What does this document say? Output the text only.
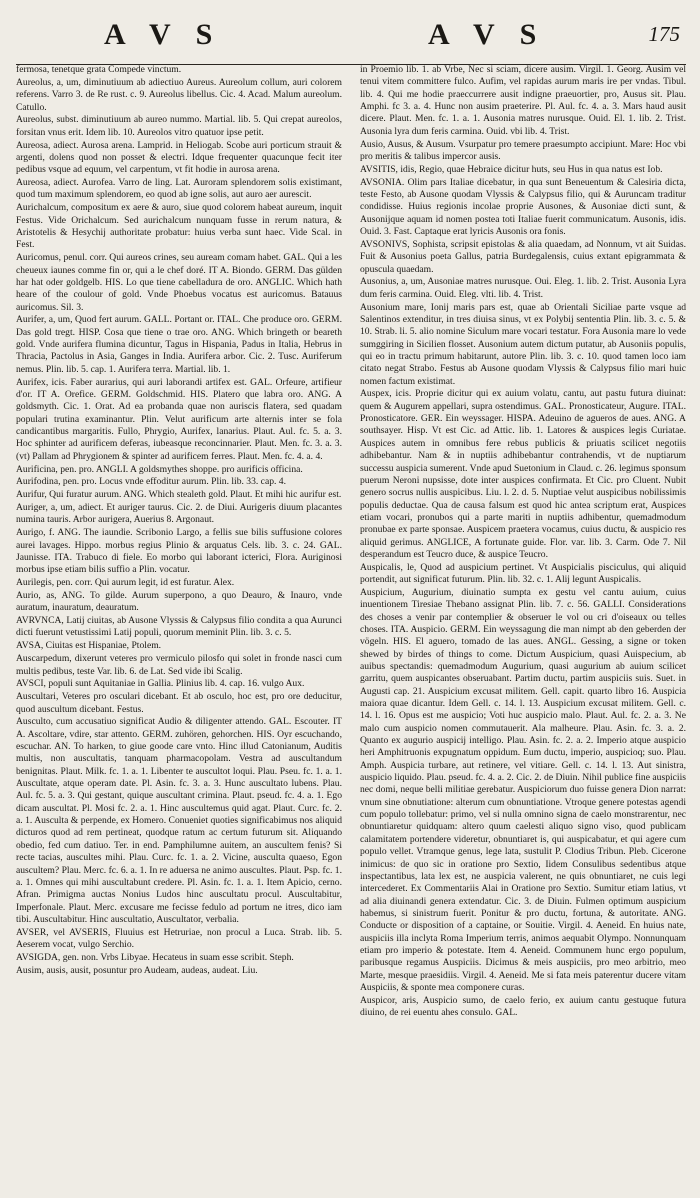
A V S	A V S	175

fermosa, tenetque grata Compede vinctum.

Aureolus, a, um, diminutiuum ab adiectiuo Aureus. Aureolum collum, auri colorem referens. Varro 3. de Re rust. c. 9. Aureolus libellus. Cic. 4. Acad. Malum aureolum. Catullo.

Aureolus, subst. diminutiuum ab aureo nummo. Martial. lib. 5. Qui crepat aureolos, forsitan vnus erit. Idem lib. 10. Aureolos vitro quatuor ipse petit.

Aureosa, adiect. Aurosa arena. Lamprid. in Heliogab. Scobe auri porticum strauit & argenti, dolens quod non posset & electri. Idque frequenter quacunque fecit iter pedibus vsque ad equum, vel carpentum, vt fit hodie in aurosa arena.

Aureosa, adiect. Aurofea. Varro de ling. Lat. Auroram splendorem solis existimant, quod tum maximum splendorem, eo quod ab igne solis, aut auro aer aurescit.

Aurichalcum, compositum ex aere & auro, siue quod colorem habeat aureum, inquit Festus. Vide Orichalcum. Sed aurichalcum nunquam fusse in rerum natura, & Aristotelis & Hesychij authoritate probatur: huius verba sunt haec. Vide Scal. in Fest.

Auricomus, penul. corr. Qui aureos crines, seu auream comam habet. GAL. Qui a les cheueux iaunes comme fin or, qui a le chef doré. IT A. Biondo. GERM. Das gülden har hat oder goldgelb. HIS. Lo que tiene cabelladura de oro. ANGLIC. Which hath heare of the coulour of gold. Vnde Phoebus vocatus est auricomus. Batauus auricomus. Sil. 3.

Aurifer, a, um, Quod fert aurum. GALL. Portant or. ITAL. Che produce oro. GERM. Das gold tregt. HISP. Cosa que tiene o trae oro. ANG. Which bringeth or beareth gold. Vnde aurifera flumina dicuntur, Tagus in Hispania, Padus in Italia, Hebrus in Thracia, Pactolus in Asia, Ganges in India. Aurifera arbor. Cic. 2. Tusc. Auriferum nemus. Plin. lib. 5. cap. 1. Aurifera terra. Martial. lib. 1.

Aurifex, icis. Faber aurarius, qui auri laborandi artifex est. GAL. Orfeure, artifieur d'or. IT A. Orefice. GERM. Goldschmid. HIS. Platero que labra oro. ANG. A goldsmyth. Cic. 1. Orat. Ad ea probanda quae non auriscis flatera, sed quadam populari trutina examinantur. Plin. Velut aurificum arte alternis inter se fola candicantibus margaritis. Fullo, Phrygio, Aurifex, lanarius. Plaut. Aul. fc. 5. a. 3. Hoc sphinter ad aurificem deferas, iubeasque reconcinnarier. Plaut. Men. fc. 3. a. 3. (vt) Pallam ad Phrygionem & spinter ad aurificem ferres. Plaut. Men. fc. 4. a. 4.

Aurificina, pen. pro. ANGLI. A goldsmythes shoppe. pro aurificis officina.

Aurifodina, pen. pro. Locus vnde effoditur aurum. Plin. lib. 33. cap. 4.

Aurifur, Qui furatur aurum. ANG. Which stealeth gold. Plaut. Et mihi hic aurifur est.

Auriger, a, um, adiect. Et auriger taurus. Cic. 2. de Diui. Aurigeris diuum placantes numina tauris. Arbor aurigera, Auerius 8. Argonaut.

Aurigo, f. ANG. The iaundie. Scribonio Largo, a fellis sue bilis suffusione colores aurei lavages. Hippo. morbus regius Plinio & arquatus Cels. lib. 3. c. 24. GAL. Jaunisse. ITA. Trabuco di fiele. Eo morbo qui laborant icterici, Flora. Auriginosi morbus ipse etiam bilis suffio a Plin. vocatur.

Aurilegis, pen. corr. Qui aurum legit, id est furatur. Alex.

Aurio, as, ANG. To gilde. Aurum superpono, a quo Deauro, & Inauro, vnde auratum, inauratum, deauratum.

AVRVNCA, Latij ciuitas, ab Ausone Vlyssis & Calypsus filio condita a qua Aurunci dicti fuerunt vetustissimi Latij populi, quorum meminit Plin. lib. 3. c. 5.

AVSA, Ciuitas est Hispaniae, Ptolem.

Auscarpedum, dixerunt veteres pro vermiculo pilosfo qui solet in fronde nasci cum multis pedibus, teste Var. lib. 6. de Lat. Sed vide ibi Scalig.

AVSCI, populi sunt Aquitaniae in Gallia. Plinius lib. 4. cap. 16. vulgo Aux.

Auscultari, Veteres pro osculari dicebant. Et ab osculo, hoc est, pro ore deducitur, quod auscultum dicebant. Festus.

Ausculto, cum accusatiuo significat Audio & diligenter attendo. GAL. Escouter. IT A. Ascoltare, vdire, star attento. GERM. zuhören, gehorchen. HIS. Oyr escuchando, escuchar. AN. To harken, to giue goode care vnto. Hinc illud Catonianum, Auditis multis, non auscultatis, tanquam pharmacopolam. Vestra ad auscultandum benignitas. Plaut. Milk. fc. 1. a. 1. Libenter te auscultot loqui. Plau. Pseu. fc. 1. a. 1. Auscultate, atque operam date. Pl. Asin. fc. 3. a. 3. Hunc auscultato lubens. Plau. Aul. fc. 5. a. 3. Qui gestant, quique auscultant crimina. Plaut. pseud. fc. 4. a. 1. Ego dicam auscultat. Pl. Mosi fc. 2. a. 1. Hinc auscultemus quid agat. Plaut. Curc. fc. 2. a. 1. Ausculta & perpende, ex Homero. Conueniet quoties significabimus nos aliquid dicturos quod ad rem pertineat, quodque ratum ac certum futurum sit. Aliquando obedio, fed cum datiuo. Ter. in end. Pamphilumne auitem, an auscultem fenis? Si recte tacias, auscultes mihi. Plau. Curc. fc. 1. a. 2. Vicine, ausculta quaeso, Egon auscultem? Plau. Merc. fc. 6. a. 1. In re aduersa ne animo auscultes. Plaut. Psp. fc. 1. a. 1. Omnes qui mihi auscultabunt credere. Pl. Asin. fc. 1. a. 1. Item Apicio, cerno. Afran. Primigma auctas Nonius Ludos hinc auscultatu procul. Auscultabitur, Imperfonale. Plaut. Merc. excusare me fecisse fedulo ad portum ne itres, dico iam tibi. Auscultabitur. Hinc auscultatio, Auscultator, verbalia.

AVSER, vel AVSERIS, Fluuius est Hetruriae, non procul a Luca. Strab. lib. 5. Aeserem vocat, vulgo Serchio.

AVSIGDA, gen. non. Vrbs Libyae. Hecateus in suam esse scribit. Steph.

Ausim, ausis, ausit, posuntur pro Audeam, audeas, audeat. Liu.

in Proemio lib. 1. ab Vrbe, Nec si sciam, dicere ausim. Virgil. 1. Georg. Ausim vel tenui vitem committere fulco. Aufim, vel rapidas aurum maris ire per vndas. Tibul. lib. 4. Qui me hodie praeccurrere ausit indigne praeuortier, pro, Ausus sit. Plau. Amphi. fc 3. a. 4. Hunc non ausim praeterire. Pl. Aul. fc. 4. a. 3. Mars haud ausit dicere. Plaut. Men. fc. 1. a. 1. Ausonia matres nurusque. Ouid. El. 1. lib. 2. Trist. Ausonia lyra dum feris carmina. Ouid. vbi lib. 4. Trist.

Ausio, Ausus, & Ausum. Vsurpatur pro temere praesumpto accipiunt. Mare: Hoc vbi pro meritis & talibus impercor ausis.

AVSITIS, idis, Regio, quae Hebraice dicitur huts, seu Hus in qua natus est Iob.

AVSONIA. Olim pars Italiae dicebatur, in qua sunt Beneuentum & Calesiria dicta, teste Festo, ab Ausone quodam Vlyssis & Calypsus filio, qui & Auruncam traditur condidisse. Huius regionis incolae proprie Ausones, & Ausoniae dicti sunt, & Ausonijque aquam id nomen postea toti Italiae fuerit communicatum. Ausonis, idis. Ouid. 3. Fast. Captaque erat lyricis Ausonis ora fonis.

AVSONIVS, Sophista, scripsit epistolas & alia quaedam, ad Nonnum, vt ait Suidas. Fuit & Ausonius poeta Gallus, patria Burdegalensis, cuius extant epigrammata & opuscula quaedam.

Ausonius, a, um, Ausoniae matres nurusque. Oui. Eleg. 1. lib. 2. Trist. Ausonia Lyra dum feris carmina. Ouid. Eleg. vlti. lib. 4. Trist.

Ausonium mare, Ionij maris pars est, quae ab Orientali Siciliae parte vsque ad Salentinos extenditur, in tres diuisa sinus, vt ex Polybij sententia Plin. lib. 3. c. 5. & 10. Strab. li. 5. alio nomine Siculum mare vocari testatur. Fora Ausonia mare lo vede sumggiring in Sicilien flosset. Ausonium autem dictum putatur, ab Ausoniis populis, qui eo in tractu primum habitarunt, autore Plin. lib. 3. c. 10. quod tamen loco iam citato negat Strabo. Festus ab Ausone quodam Vlyssis & Calypsus filio mari huic nomen factum existimat.

Auspex, icis. Proprie dicitur qui ex auium volatu, cantu, aut pastu futura diuinat: quem & Augurem appellari, supra ostendimus. GAL. Pronosticateur, Augure. ITAL. Pronosticatore. GER. Ein weyssager. HISPA. Adeuino de agueros de aues. ANG. A southsayer. Hisp. Vt est Cic. ad Attic. lib. 1. Latores & auspices legis Curiatae. Auspices autem in omnibus fere rebus publicis & priuatis scilicet negotiis adhibebantur. Nam & in nuptiis adhibebantur contrahendis, vt de nuptiarum successu auspicia sumerent. Vnde apud Suetonium in Claud. c. 26. legimus sponsum puerum Neroni nupsisse, dote inter auspices confirmata. Et Cic. pro Cluent. Nubit genero socrus nullis auspicibus. Liu. l. 2. d. 5. Nuptiae velut auspicibus nobilissimis populis deductae. Qua de causa falsum est quod hic antea scriptum erat, Auspices etiam vocari, pronubos qui a parte mariti in nuptiis adhibentur, quemadmodum pronubae ex parte sponsae. Auspicem praetera vocamus, cuius ductu, & auspicio res aliquid gerimus. ANGLICE, A fortunate guide. Flor. var. lib. 3. Carm. Ode 7. Nil desperandum est Teucro duce, & auspice Teucro.

Auspicalis, le, Quod ad auspicium pertinet. Vt Auspicialis pisciculus, qui aliquid portendit, aut significat futurum. Plin. lib. 32. c. 1. Alij legunt Auspicalis.

Auspicium, Augurium, diuinatio sumpta ex gestu vel cantu auium, cuius inuentionem Tiresiae Thebano assignat Plin. lib. 7. c. 56. GALLI. Considerations des choses a venir par contemplier & obseruer le vol ou cri d'oiseaux ou telles choses. ITA. Auspicio. GERM. Ein weyssagung die man nimpt ab den geberden der vögeln. HIS. El aguero, tomado de las aues. ANGL. Gessing, a signe or token shewed by birdes of things to come. Dictum Auspicium, quasi Auispecium, ab auibus spectandis: quemadmodum Augurium, quasi augurium ab auium scilicet garritu, quem auspicantes obseruabant. Partim ductu, partim auspiciis suis. Suet. in Augusti cap. 21. Auspicium excusat militem. Gell. capit. quarto libro 16. Auspicia maiora quae dicantur. Idem Gell. c. 14. l. 13. Auspicium excusat militem. Gell. c. 14. l. 16. Opus est me auspicio; Voti huc auspicio malo. Plaut. Aul. fc. 2. a. 3. Ne malo cum auspicio nomen commutauerit. Ala malheure. Plau. Asin. fc. 3. a. 2. Quanto ex augurio auspicij intelligo. Plau. Asin. fc. 2. a. 2. Imperio atque auspicio heri Amphitruonis expugnatum oppidum. Eum ductu, imperio, auspicioq; suo. Plau. Amph. Auspicia turbare, aut retinere, vel vitiare. Gell. c. 14. l. 13. Aut sinistra, auspicio liquido. Plau. pseud. fc. 4. a. 2. Cic. 2. de Diuin. Nihil publice fine auspiciis nec domi, neque belli militiae gerebatur. Auspiciorum duo fuisse genera Dion narrat: vnum sine obnutiatione: alterum cum obnuntiatione. Vtroque genere potestas agendi cum populo tollebatur: primo, vel si nulla omnino signa de caelo monstrarentur, nec obnuntiaretur quidquam: altero quum caelesti aliquo signo viso, quod publicam calamitatem portendere videretur, obnuntiaret is, qui auspicabatur, et qui agere cum populo vellet. Vtramque genus, lege lata, sustulit P. Clodius Tribun. Pleb. Cicerone inimicus: de quo sic in oratione pro Sextio, Iidem Consulibus sedentibus atque inspectantibus, lata lex est, ne auspicia valerent, ne quis obnuntiaret, ne cuis legi intercederet. Ex Commentariis Alai in Oratione pro Sextio. Sumitur etiam latius, vt ad alia diuinandi genera extendatur. Cic. 3. de Diuin. Fulmen optimum auspicium habemus, si sinistrum fuerit. Ponitur & pro ductu, fortuna, & autoritate. ANG. Conducte or disposition of a captaine, or Souitie. Virgil. 4. Aeneid. En huius nate, auspiciis illa inclyta Roma Imperium terris, animos aequabit Olympo. Nonnunquam etiam pro imperio & potestate. Item 4. Aeneid. Communem hunc ergo populum, paribusque regamus Auspiciis. Dicimus & meis auspiciis, pro meo arbitrio, meo Marte, mesque praesidiis. Virgil. 4. Aeneid. Me si fata meis paterentur ducere vitam Auspiciis, & sponte mea componere curas.

Auspicor, aris, Auspicio sumo, de caelo ferio, ex auium cantu gestuque futura diuino, de rei euentu ahes consulo. GAL.
